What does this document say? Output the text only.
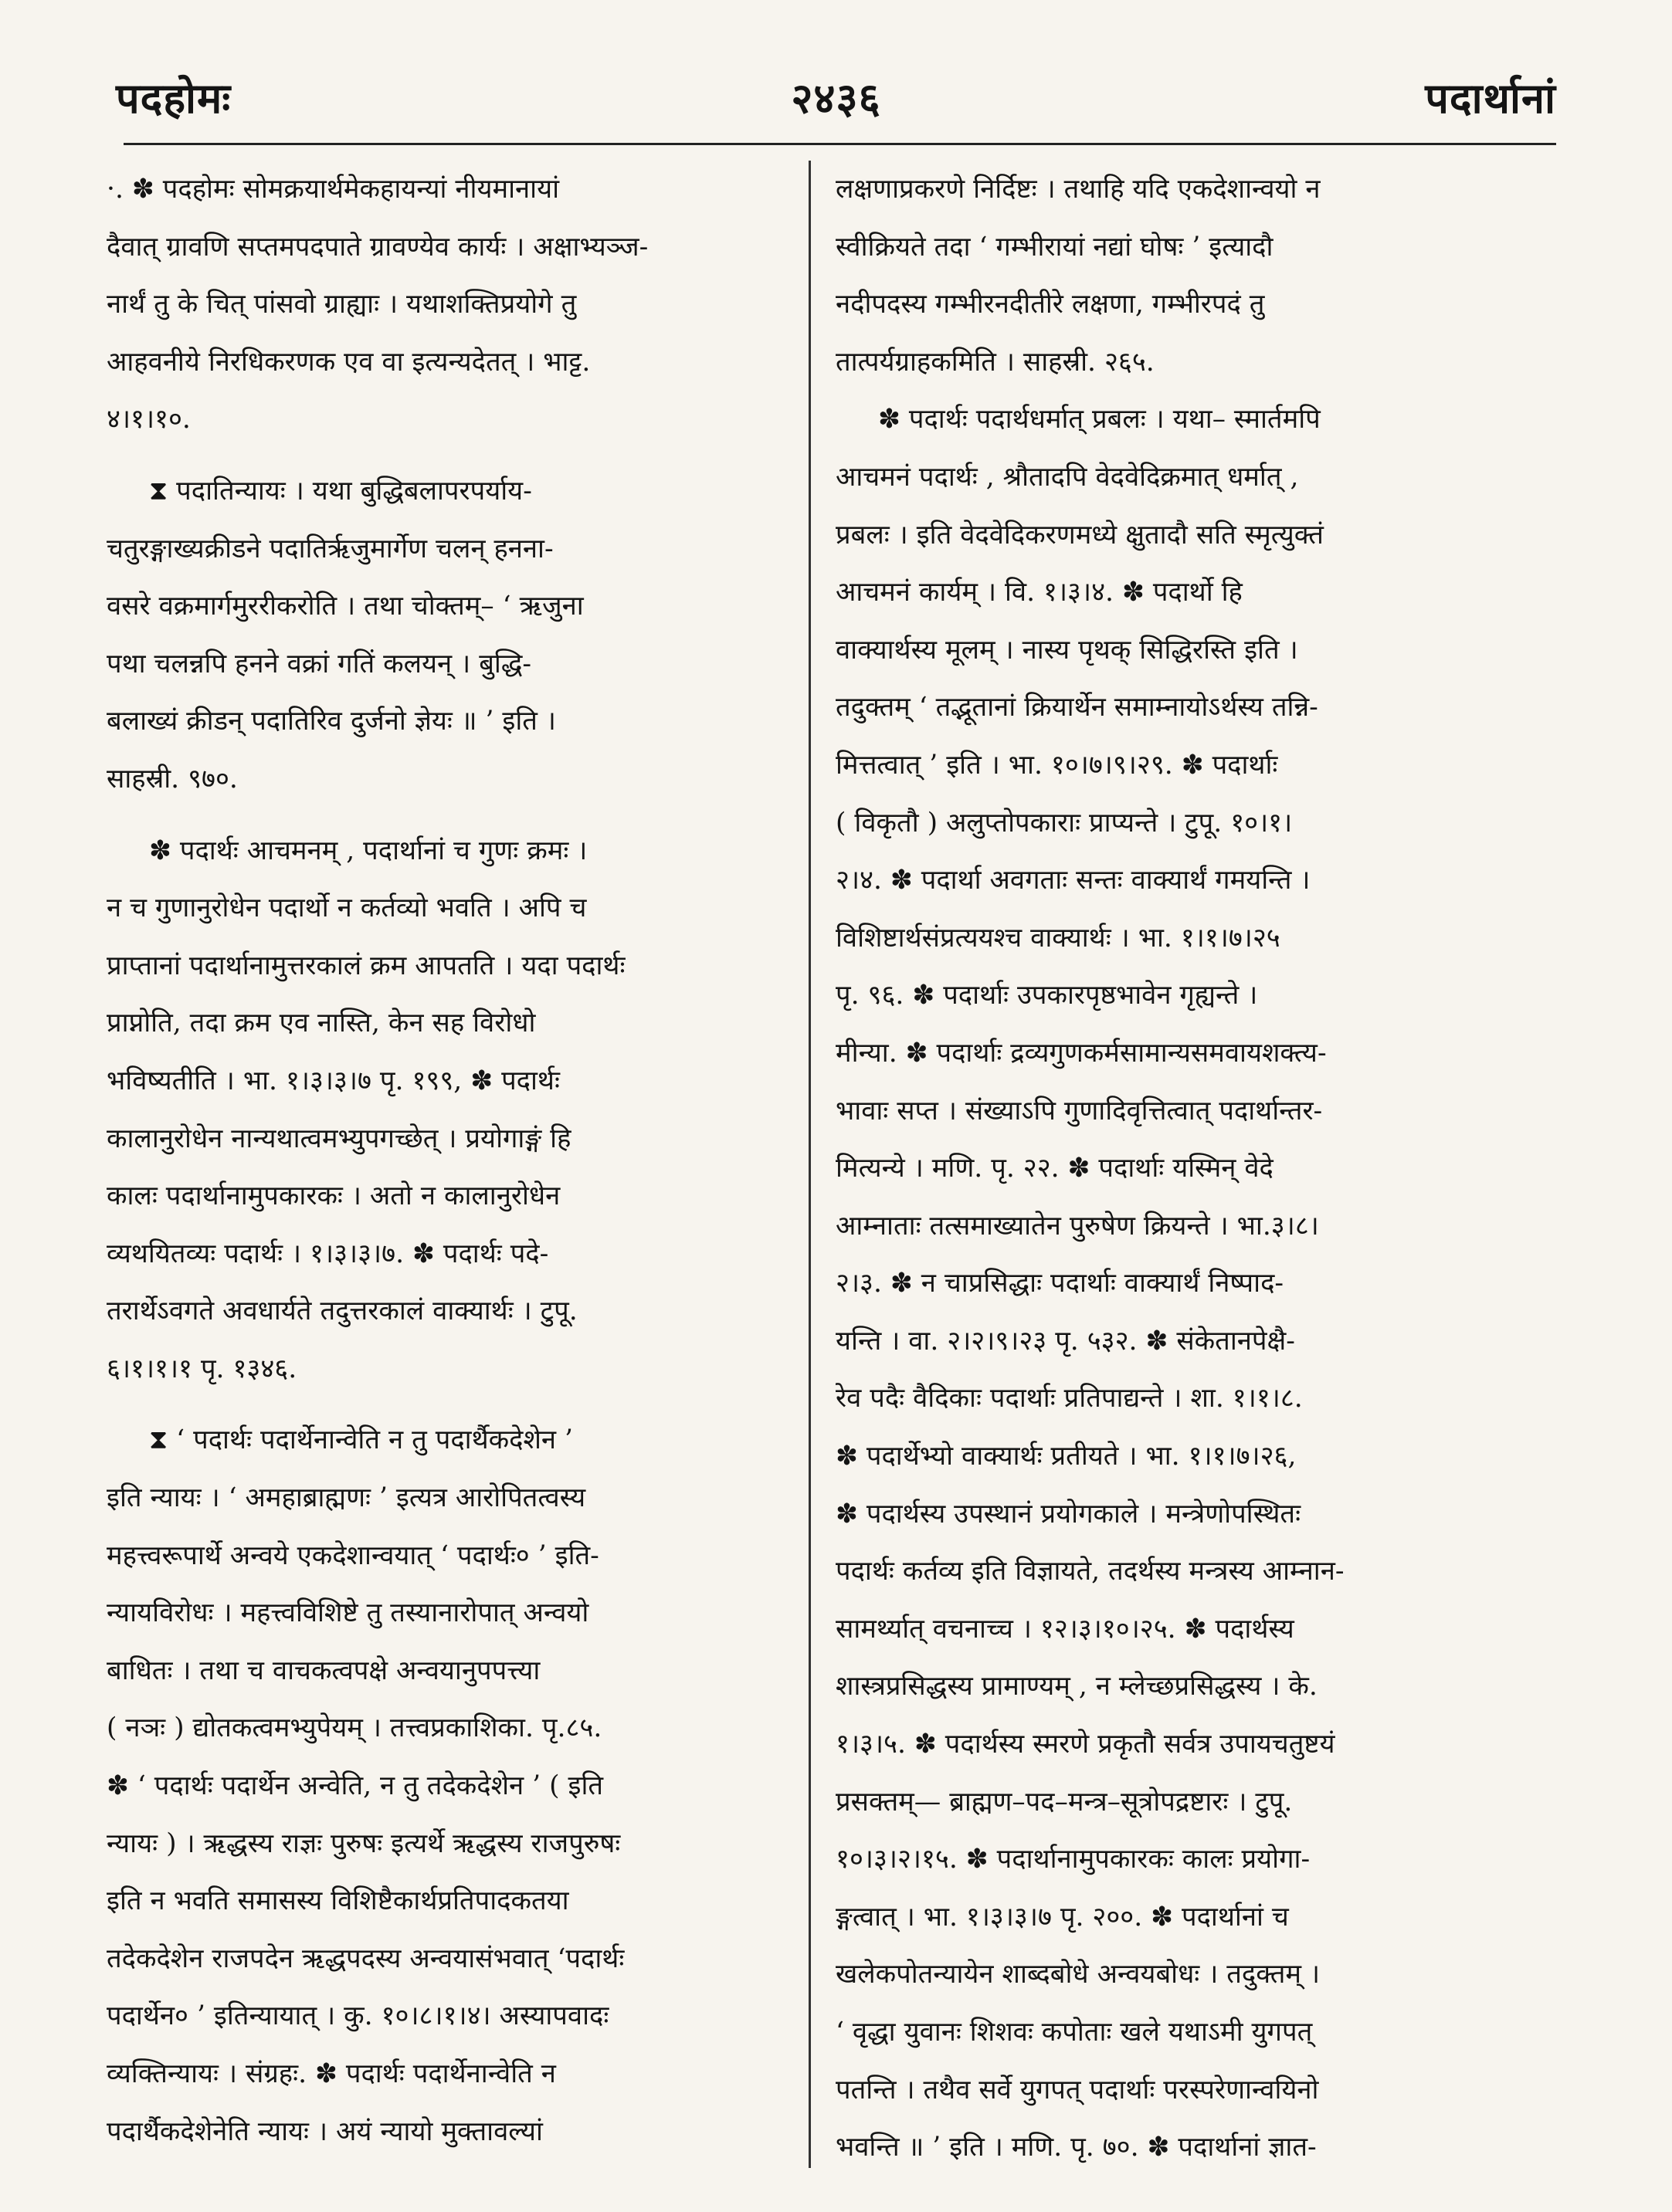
पदहोमः	२४३६	पदार्थानां
·. ✽ पदहोमः सोमक्रयार्थमेकहायन्यां नीयमानायां
दैवात् ग्रावणि सप्तमपदपाते ग्रावण्येव कार्यः । अक्षाभ्यञ्ज-
नार्थं तु के चित् पांसवो ग्राह्याः । यथाशक्तिप्रयोगे तु
आहवनीये निरधिकरणक एव वा इत्यन्यदेतत् । भाट्ट.
४।१।१०.
⧗ पदातिन्यायः । यथा बुद्धिबलापरपर्याय-
चतुरङ्गाख्यक्रीडने पदातिर्ऋजुमार्गेण चलन् हनना-
वसरे वक्रमार्गमुररीकरोति । तथा चोक्तम्– ‘ ऋजुना
पथा चलन्नपि हनने वक्रां गतिं कलयन् । बुद्धि-
बलाख्यं क्रीडन् पदातिरिव दुर्जनो ज्ञेयः ॥ ’ इति ।
साहस्री. ९७०.
✽ पदार्थः आचमनम् , पदार्थानां च गुणः क्रमः ।
न च गुणानुरोधेन पदार्थो न कर्तव्यो भवति । अपि च
प्राप्तानां पदार्थानामुत्तरकालं क्रम आपतति । यदा पदार्थः
प्राप्नोति, तदा क्रम एव नास्ति, केन सह विरोधो
भविष्यतीति । भा. १।३।३।७ पृ. १९९, ✽ पदार्थः
कालानुरोधेन नान्यथात्वमभ्युपगच्छेत् । प्रयोगाङ्गं हि
कालः पदार्थानामुपकारकः । अतो न कालानुरोधेन
व्यथयितव्यः पदार्थः । १।३।३।७. ✽ पदार्थः पदे-
तरार्थेऽवगते अवधार्यते तदुत्तरकालं वाक्यार्थः । टुपू.
६।१।१।१ पृ. १३४६.
⧗ ‘ पदार्थः पदार्थेनान्वेति न तु पदार्थैकदेशेन ’
इति न्यायः । ‘ अमहाब्राह्मणः ’ इत्यत्र आरोपितत्वस्य
महत्त्वरूपार्थे अन्वये एकदेशान्वयात् ‘ पदार्थः० ’ इति-
न्यायविरोधः । महत्त्वविशिष्टे तु तस्यानारोपात् अन्वयो
बाधितः । तथा च वाचकत्वपक्षे अन्वयानुपपत्त्या
( नञः ) द्योतकत्वमभ्युपेयम् । तत्त्वप्रकाशिका. पृ.८५.
✽ ‘ पदार्थः पदार्थेन अन्वेति, न तु तदेकदेशेन ’ ( इति
न्यायः ) । ऋद्धस्य राज्ञः पुरुषः इत्यर्थे ऋद्धस्य राजपुरुषः
इति न भवति समासस्य विशिष्टैकार्थप्रतिपादकतया
तदेकदेशेन राजपदेन ऋद्धपदस्य अन्वयासंभवात् ‘पदार्थः
पदार्थेन० ’ इतिन्यायात् । कु. १०।८।१।४। अस्यापवादः
व्यक्तिन्यायः । संग्रहः. ✽ पदार्थः पदार्थेनान्वेति न
पदार्थैकदेशेनेति न्यायः । अयं न्यायो मुक्तावल्यां
लक्षणाप्रकरणे निर्दिष्टः । तथाहि यदि एकदेशान्वयो न
स्वीक्रियते तदा ‘ गम्भीरायां नद्यां घोषः ’ इत्यादौ
नदीपदस्य गम्भीरनदीतीरे लक्षणा, गम्भीरपदं तु
तात्पर्यग्राहकमिति । साहस्री. २६५.
✽ पदार्थः पदार्थधर्मात् प्रबलः । यथा– स्मार्तमपि
आचमनं पदार्थः , श्रौतादपि वेदवेदिक्रमात् धर्मात् ,
प्रबलः । इति वेदवेदिकरणमध्ये क्षुतादौ सति स्मृत्युक्तं
आचमनं कार्यम् । वि. १।३।४. ✽ पदार्थो हि
वाक्यार्थस्य मूलम् । नास्य पृथक् सिद्धिरस्ति इति ।
तदुक्तम् ‘ तद्भूतानां क्रियार्थेन समाम्नायोऽर्थस्य तन्नि-
मित्तत्वात् ’ इति । भा. १०।७।९।२९. ✽ पदार्थाः
( विकृतौ ) अलुप्तोपकाराः प्राप्यन्ते । टुपू. १०।१।
२।४. ✽ पदार्था अवगताः सन्तः वाक्यार्थं गमयन्ति ।
विशिष्टार्थसंप्रत्ययश्च वाक्यार्थः । भा. १।१।७।२५
पृ. ९६. ✽ पदार्थाः उपकारपृष्ठभावेन गृह्यन्ते ।
मीन्या. ✽ पदार्थाः द्रव्यगुणकर्मसामान्यसमवायशक्त्य-
भावाः सप्त । संख्याऽपि गुणादिवृत्तित्वात् पदार्थान्तर-
मित्यन्ये । मणि. पृ. २२. ✽ पदार्थाः यस्मिन् वेदे
आम्नाताः तत्समाख्यातेन पुरुषेण क्रियन्ते । भा.३।८।
२।३. ✽ न चाप्रसिद्धाः पदार्थाः वाक्यार्थं निष्पाद-
यन्ति । वा. २।२।९।२३ पृ. ५३२. ✽ संकेतानपेक्षै-
रेव पदैः वैदिकाः पदार्थाः प्रतिपाद्यन्ते । शा. १।१।८.
✽ पदार्थेभ्यो वाक्यार्थः प्रतीयते । भा. १।१।७।२६,
✽ पदार्थस्य उपस्थानं प्रयोगकाले । मन्त्रेणोपस्थितः
पदार्थः कर्तव्य इति विज्ञायते, तदर्थस्य मन्त्रस्य आम्नान-
सामर्थ्यात् वचनाच्च । १२।३।१०।२५. ✽ पदार्थस्य
शास्त्रप्रसिद्धस्य प्रामाण्यम् , न म्लेच्छप्रसिद्धस्य । के.
१।३।५. ✽ पदार्थस्य स्मरणे प्रकृतौ सर्वत्र उपायचतुष्टयं
प्रसक्तम्— ब्राह्मण–पद–मन्त्र–सूत्रोपद्रष्टारः । टुपू.
१०।३।२।१५. ✽ पदार्थानामुपकारकः कालः प्रयोगा-
ङ्गत्वात् । भा. १।३।३।७ पृ. २००. ✽ पदार्थानां च
खलेकपोतन्यायेन शाब्दबोधे अन्वयबोधः । तदुक्तम् ।
‘ वृद्धा युवानः शिशवः कपोताः खले यथाऽमी युगपत्
पतन्ति । तथैव सर्वे युगपत् पदार्थाः परस्परेणान्वयिनो
भवन्ति ॥ ’ इति । मणि. पृ. ७०. ✽ पदार्थानां ज्ञात-
